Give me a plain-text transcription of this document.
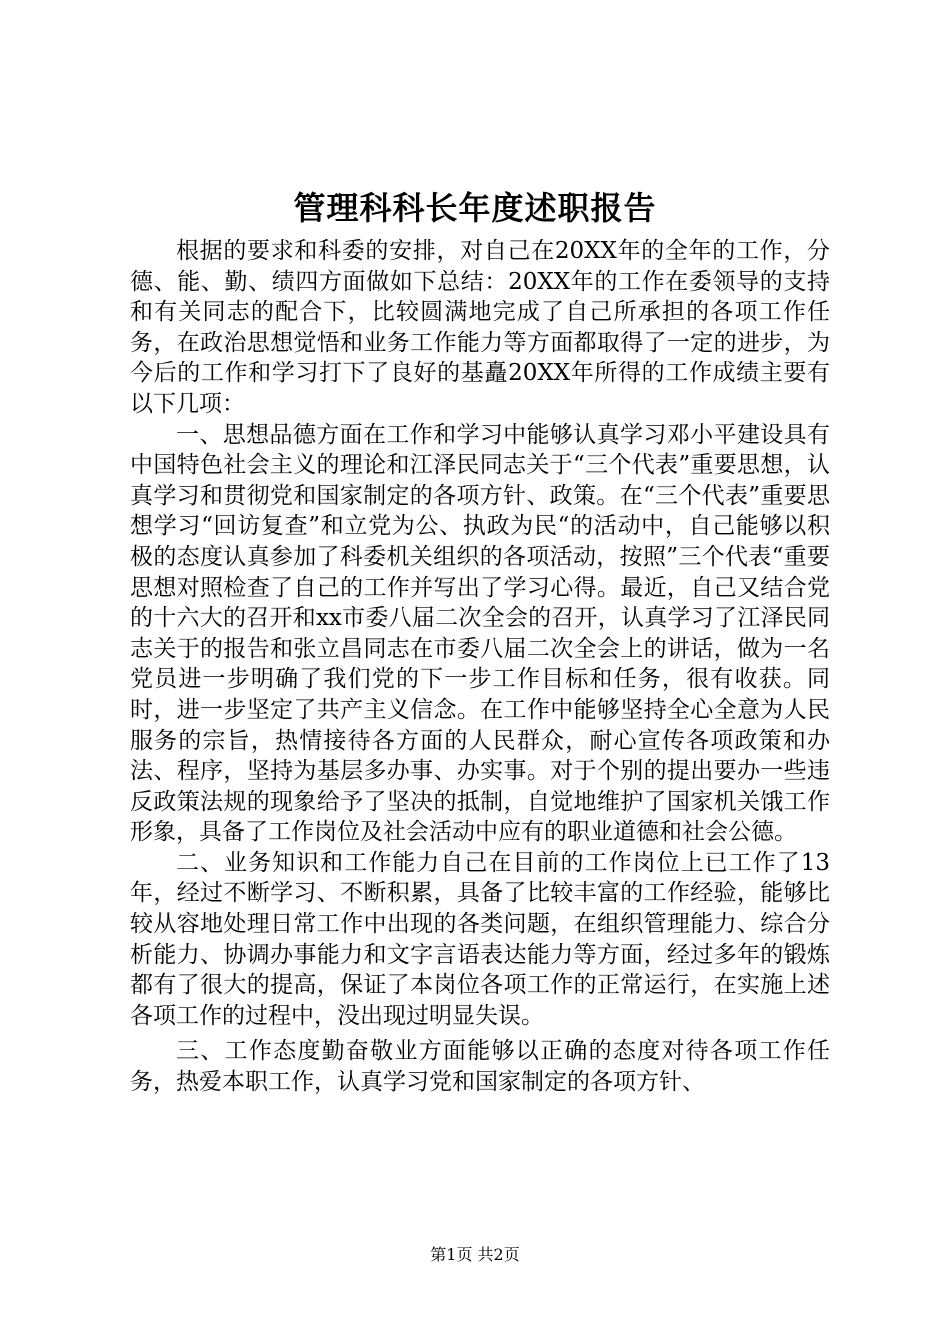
管理科科长年度述职报告

根据的要求和科委的安排，对自己在20XX年的全年的工作，分德、能、勤、绩四方面做如下总结：20XX年的工作在委领导的支持和有关同志的配合下，比较圆满地完成了自己所承担的各项工作任务，在政治思想觉悟和业务工作能力等方面都取得了一定的进步，为今后的工作和学习打下了良好的基矗20XX年所得的工作成绩主要有以下几项：

一、思想品德方面在工作和学习中能够认真学习邓小平建设具有中国特色社会主义的理论和江泽民同志关于“三个代表”重要思想，认真学习和贯彻党和国家制定的各项方针、政策。在“三个代表”重要思想学习“回访复查”和立党为公、执政为民“的活动中，自己能够以积极的态度认真参加了科委机关组织的各项活动，按照”三个代表“重要思想对照检查了自己的工作并写出了学习心得。最近，自己又结合党的十六大的召开和xx市委八届二次全会的召开，认真学习了江泽民同志关于的报告和张立昌同志在市委八届二次全会上的讲话，做为一名党员进一步明确了我们党的下一步工作目标和任务，很有收获。同时，进一步坚定了共产主义信念。在工作中能够坚持全心全意为人民服务的宗旨，热情接待各方面的人民群众，耐心宣传各项政策和办法、程序，坚持为基层多办事、办实事。对于个别的提出要办一些违反政策法规的现象给予了坚决的抵制，自觉地维护了国家机关饿工作形象，具备了工作岗位及社会活动中应有的职业道德和社会公德。

二、业务知识和工作能力自己在目前的工作岗位上已工作了13年，经过不断学习、不断积累，具备了比较丰富的工作经验，能够比较从容地处理日常工作中出现的各类问题，在组织管理能力、综合分析能力、协调办事能力和文字言语表达能力等方面，经过多年的锻炼都有了很大的提高，保证了本岗位各项工作的正常运行，在实施上述各项工作的过程中，没出现过明显失误。

三、工作态度勤奋敬业方面能够以正确的态度对待各项工作任务，热爱本职工作，认真学习党和国家制定的各项方针、

第1页 共2页
